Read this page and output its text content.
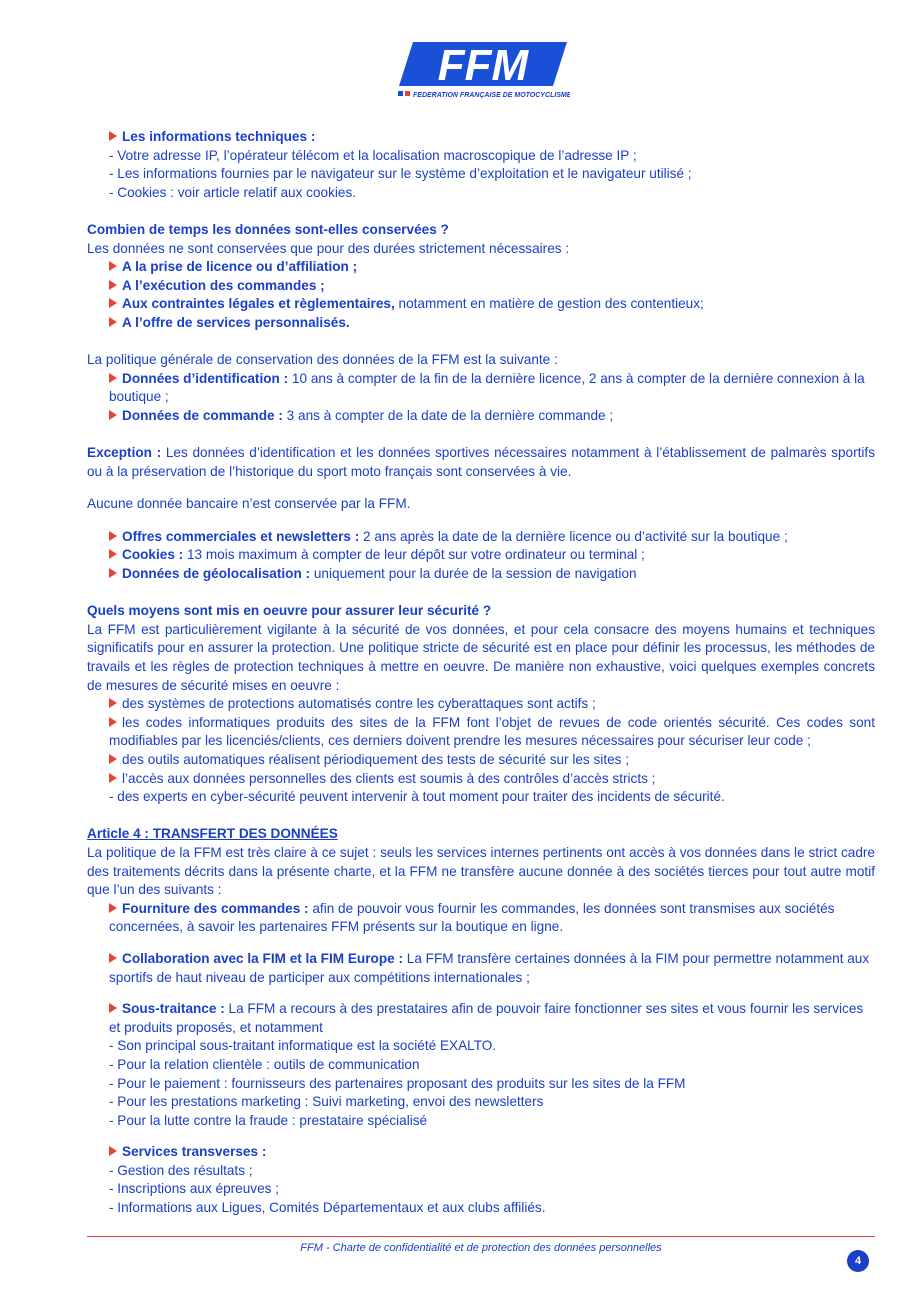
FFM
FEDERATION FRANÇAISE DE MOTOCYCLISME

Les informations techniques :

- Votre adresse IP, l’opérateur télécom et la localisation macroscopique de l’adresse IP ;

- Les informations fournies par le navigateur sur le système d’exploitation et le navigateur utilisé ;

- Cookies : voir article relatif aux cookies.

Combien de temps les données sont-elles conservées ?

Les données ne sont conservées que pour des durées strictement nécessaires :

A la prise de licence ou d’affiliation ;

A l’exécution des commandes ;

Aux contraintes légales et règlementaires, notamment en matière de gestion des contentieux;

A l’offre de services personnalisés.

La politique générale de conservation des données de la FFM est la suivante :

Données d’identification : 10 ans à compter de la fin de la dernière licence, 2 ans à compter de la dernière connexion à la boutique ;

Données de commande : 3 ans à compter de la date de la dernière commande ;

Exception : Les données d’identification et les données sportives nécessaires notamment à l’établissement de palmarès sportifs ou à la préservation de l’historique du sport moto français sont conservées à vie.

Aucune donnée bancaire n’est conservée par la FFM.

Offres commerciales et newsletters : 2 ans après la date de la dernière licence ou d’activité sur la boutique ;

Cookies : 13 mois maximum à compter de leur dépôt sur votre ordinateur ou terminal ;

Données de géolocalisation : uniquement pour la durée de la session de navigation

Quels moyens sont mis en oeuvre pour assurer leur sécurité ?

La FFM est particulièrement vigilante à la sécurité de vos données, et pour cela consacre des moyens humains et techniques significatifs pour en assurer la protection. Une politique stricte de sécurité est en place pour définir les processus, les méthodes de travails et les règles de protection techniques à mettre en oeuvre. De manière non exhaustive, voici quelques exemples concrets de mesures de sécurité mises en oeuvre :

des systèmes de protections automatisés contre les cyberattaques sont actifs ;

les codes informatiques produits des sites de la FFM font l’objet de revues de code orientés sécurité. Ces codes sont modifiables par les licenciés/clients, ces derniers doivent prendre les mesures nécessaires pour sécuriser leur code ;

des outils automatiques réalisent périodiquement des tests de sécurité sur les sites ;

l’accès aux données personnelles des clients est soumis à des contrôles d’accès stricts ;

- des experts en cyber-sécurité peuvent intervenir à tout moment pour traiter des incidents de sécurité.

Article 4 : TRANSFERT DES DONNÉES

La politique de la FFM est très claire à ce sujet : seuls les services internes pertinents ont accès à vos données dans le strict cadre des traitements décrits dans la présente charte, et la FFM ne transfère aucune donnée à des sociétés tierces pour tout autre motif que l’un des suivants :

Fourniture des commandes : afin de pouvoir vous fournir les commandes, les données sont transmises aux sociétés concernées, à savoir les partenaires FFM présents sur la boutique en ligne.

Collaboration avec la FIM et la FIM Europe : La FFM transfère certaines données à la FIM pour permettre notamment aux sportifs de haut niveau de participer aux compétitions internationales ;

Sous-traitance : La FFM a recours à des prestataires afin de pouvoir faire fonctionner ses sites et vous fournir les services et produits proposés, et notamment

- Son principal sous-traitant informatique est la société EXALTO.

- Pour la relation clientèle : outils de communication

- Pour le paiement : fournisseurs des partenaires proposant des produits sur les sites de la FFM

- Pour les prestations marketing : Suivi marketing, envoi des newsletters

- Pour la lutte contre la fraude : prestataire spécialisé

Services transverses :

- Gestion des résultats ;

- Inscriptions aux épreuves ;

- Informations aux Ligues, Comités Départementaux et aux clubs affiliés.

FFM - Charte de confidentialité et de protection des données personnelles
4
